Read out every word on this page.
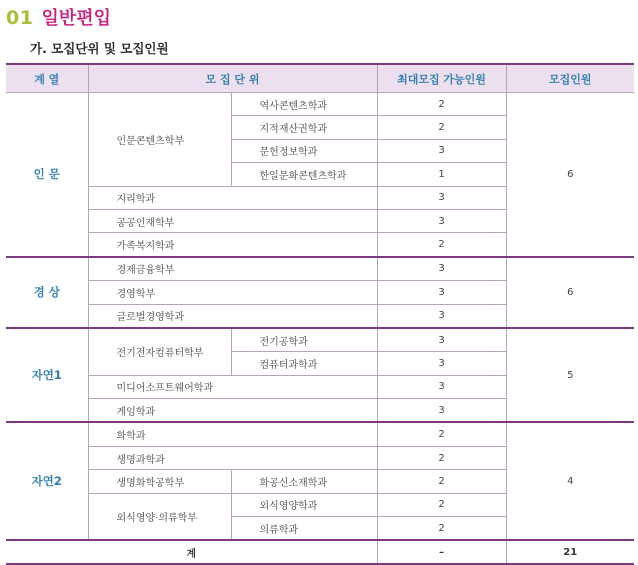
01 일반편입
가. 모집단위 및 모집인원
계 열	모 집 단 위		최대모집 가능인원	모집인원
인 문	인문콘텐츠학부	역사콘텐츠학과	2	6
		지적재산권학과	2	
		문헌정보학과	3	
		한일문화콘텐츠학과	1	
	지리학과		3	
	공공인재학부		3	
	가족복지학과		2	
경 상	경제금융학부		3	6
	경영학부		3	
	글로벌경영학과		3	
자연1	전기전자컴퓨터학부	전기공학과	3	5
		컴퓨터과학과	3	
	미디어소프트웨어학과		3	
	게임학과		3	
자연2	화학과		2	4
	생명과학과		2	
	생명화학공학부	화공신소재학과	2	
	외식영양·의류학부	외식영양학과	2	
		의류학과	2	
계			–	21
